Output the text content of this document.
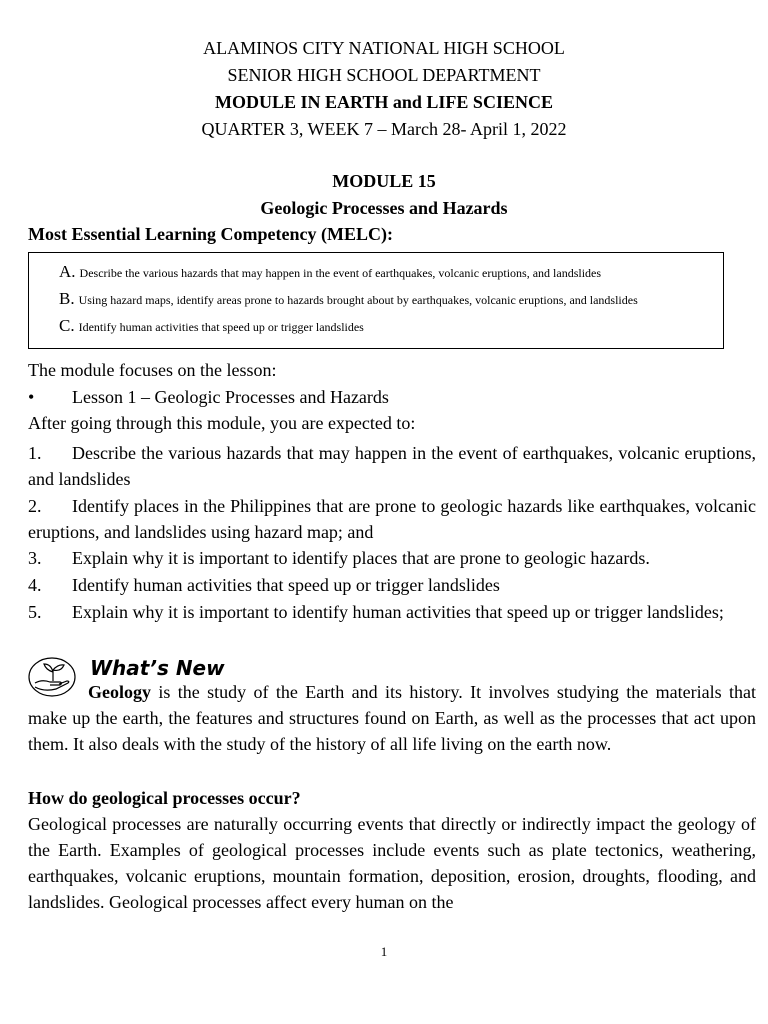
ALAMINOS CITY NATIONAL HIGH SCHOOL
SENIOR HIGH SCHOOL DEPARTMENT
MODULE IN EARTH and LIFE SCIENCE
QUARTER 3, WEEK 7 – March 28- April 1, 2022
MODULE 15
Geologic Processes and Hazards
Most Essential Learning Competency (MELC):
A. Describe the various hazards that may happen in the event of earthquakes, volcanic eruptions, and landslides
B. Using hazard maps, identify areas prone to hazards brought about by earthquakes, volcanic eruptions, and landslides
C. Identify human activities that speed up or trigger landslides
The module focuses on the lesson:
• Lesson 1 – Geologic Processes and Hazards
After going through this module, you are expected to:
1. Describe the various hazards that may happen in the event of earthquakes, volcanic eruptions, and landslides
2. Identify places in the Philippines that are prone to geologic hazards like earthquakes, volcanic eruptions, and landslides using hazard map; and
3. Explain why it is important to identify places that are prone to geologic hazards.
4. Identify human activities that speed up or trigger landslides
5. Explain why it is important to identify human activities that speed up or trigger landslides;
What’s New
Geology is the study of the Earth and its history. It involves studying the materials that make up the earth, the features and structures found on Earth, as well as the processes that act upon them. It also deals with the study of the history of all life living on the earth now.
How do geological processes occur?
Geological processes are naturally occurring events that directly or indirectly impact the geology of the Earth. Examples of geological processes include events such as plate tectonics, weathering, earthquakes, volcanic eruptions, mountain formation, deposition, erosion, droughts, flooding, and landslides. Geological processes affect every human on the
1
